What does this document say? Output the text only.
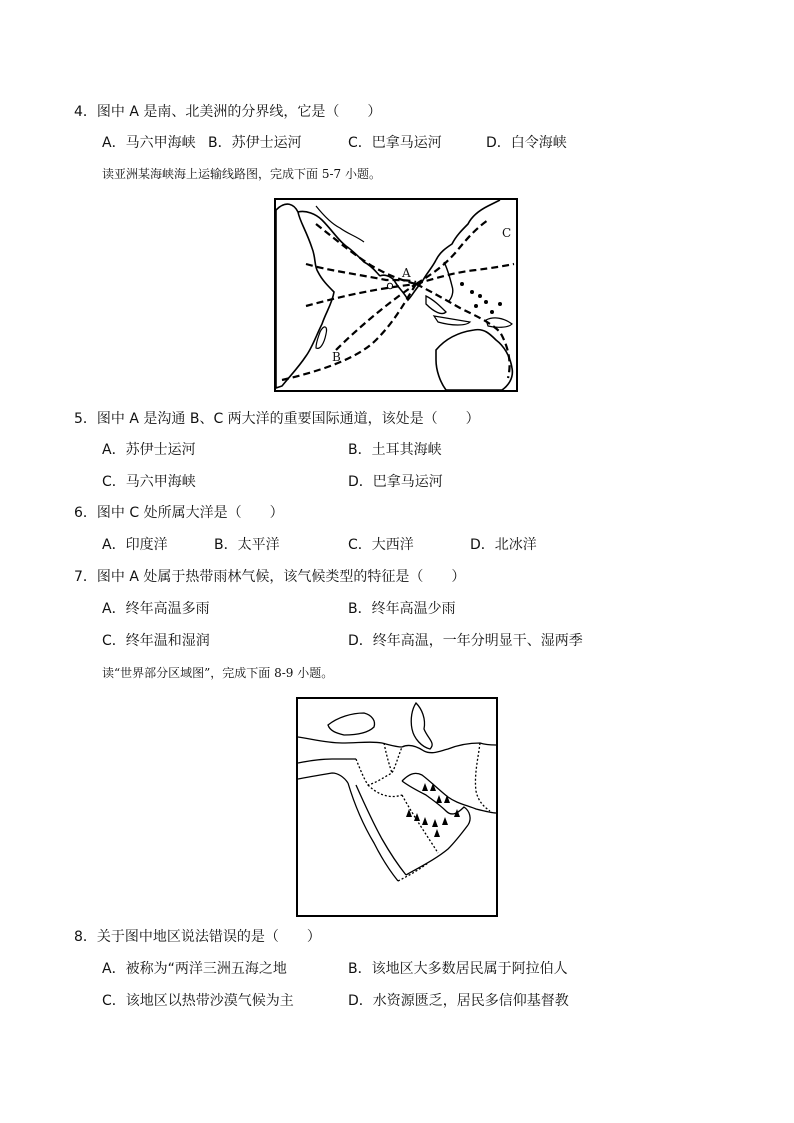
4．图中 A 是南、北美洲的分界线，它是（　　）
A．马六甲海峡 B．苏伊士运河	C．巴拿马运河	D．白令海峡
读亚洲某海峡海上运输线路图，完成下面 5-7 小题。
A
B
C
5．图中 A 是沟通 B、C 两大洋的重要国际通道，该处是（　　）
A．苏伊士运河	B．土耳其海峡
C．马六甲海峡	D．巴拿马运河
6．图中 C 处所属大洋是（　　）
A．印度洋	B．太平洋	C．大西洋	D．北冰洋
7．图中 A 处属于热带雨林气候，该气候类型的特征是（　　）
A．终年高温多雨	B．终年高温少雨
C．终年温和湿润	D．终年高温，一年分明显干、湿两季
读“世界部分区域图”，完成下面 8-9 小题。
8．关于图中地区说法错误的是（　　）
A．被称为“两洋三洲五海之地	B．该地区大多数居民属于阿拉伯人
C．该地区以热带沙漠气候为主	D．水资源匮乏，居民多信仰基督教
